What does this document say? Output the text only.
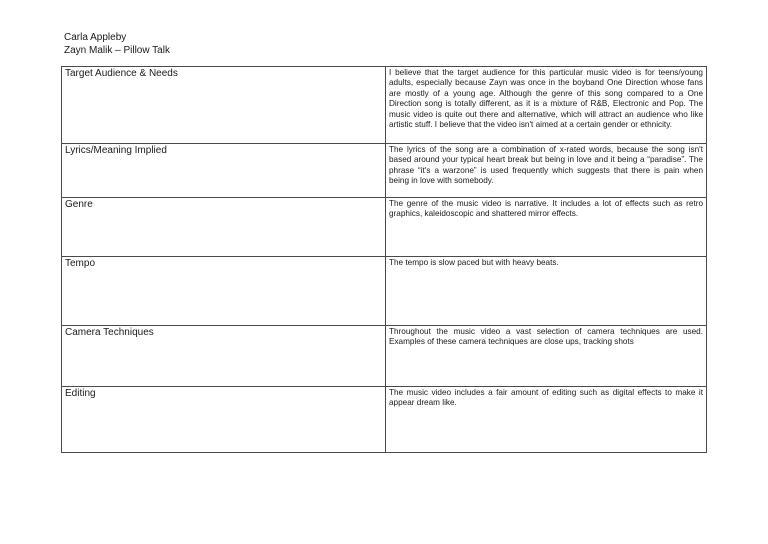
Carla Appleby
Zayn Malik – Pillow Talk
Target Audience & Needs	I believe that the target audience for this particular music video is for teens/young adults, especially because Zayn was once in the boyband One Direction whose fans are mostly of a young age. Although the genre of this song compared to a One Direction song is totally different, as it is a mixture of R&B, Electronic and Pop. The music video is quite out there and alternative, which will attract an audience who like artistic stuff. I believe that the video isn't aimed at a certain gender or ethnicity.
Lyrics/Meaning Implied	The lyrics of the song are a combination of x-rated words, because the song isn't based around your typical heart break but being in love and it being a “paradise”. The phrase “it's a warzone” is used frequently which suggests that there is pain when being in love with somebody.
Genre	The genre of the music video is narrative. It includes a lot of effects such as retro graphics, kaleidoscopic and shattered mirror effects.
Tempo	The tempo is slow paced but with heavy beats.
Camera Techniques	Throughout the music video a vast selection of camera techniques are used. Examples of these camera techniques are close ups, tracking shots
Editing	The music video includes a fair amount of editing such as digital effects to make it appear dream like.
